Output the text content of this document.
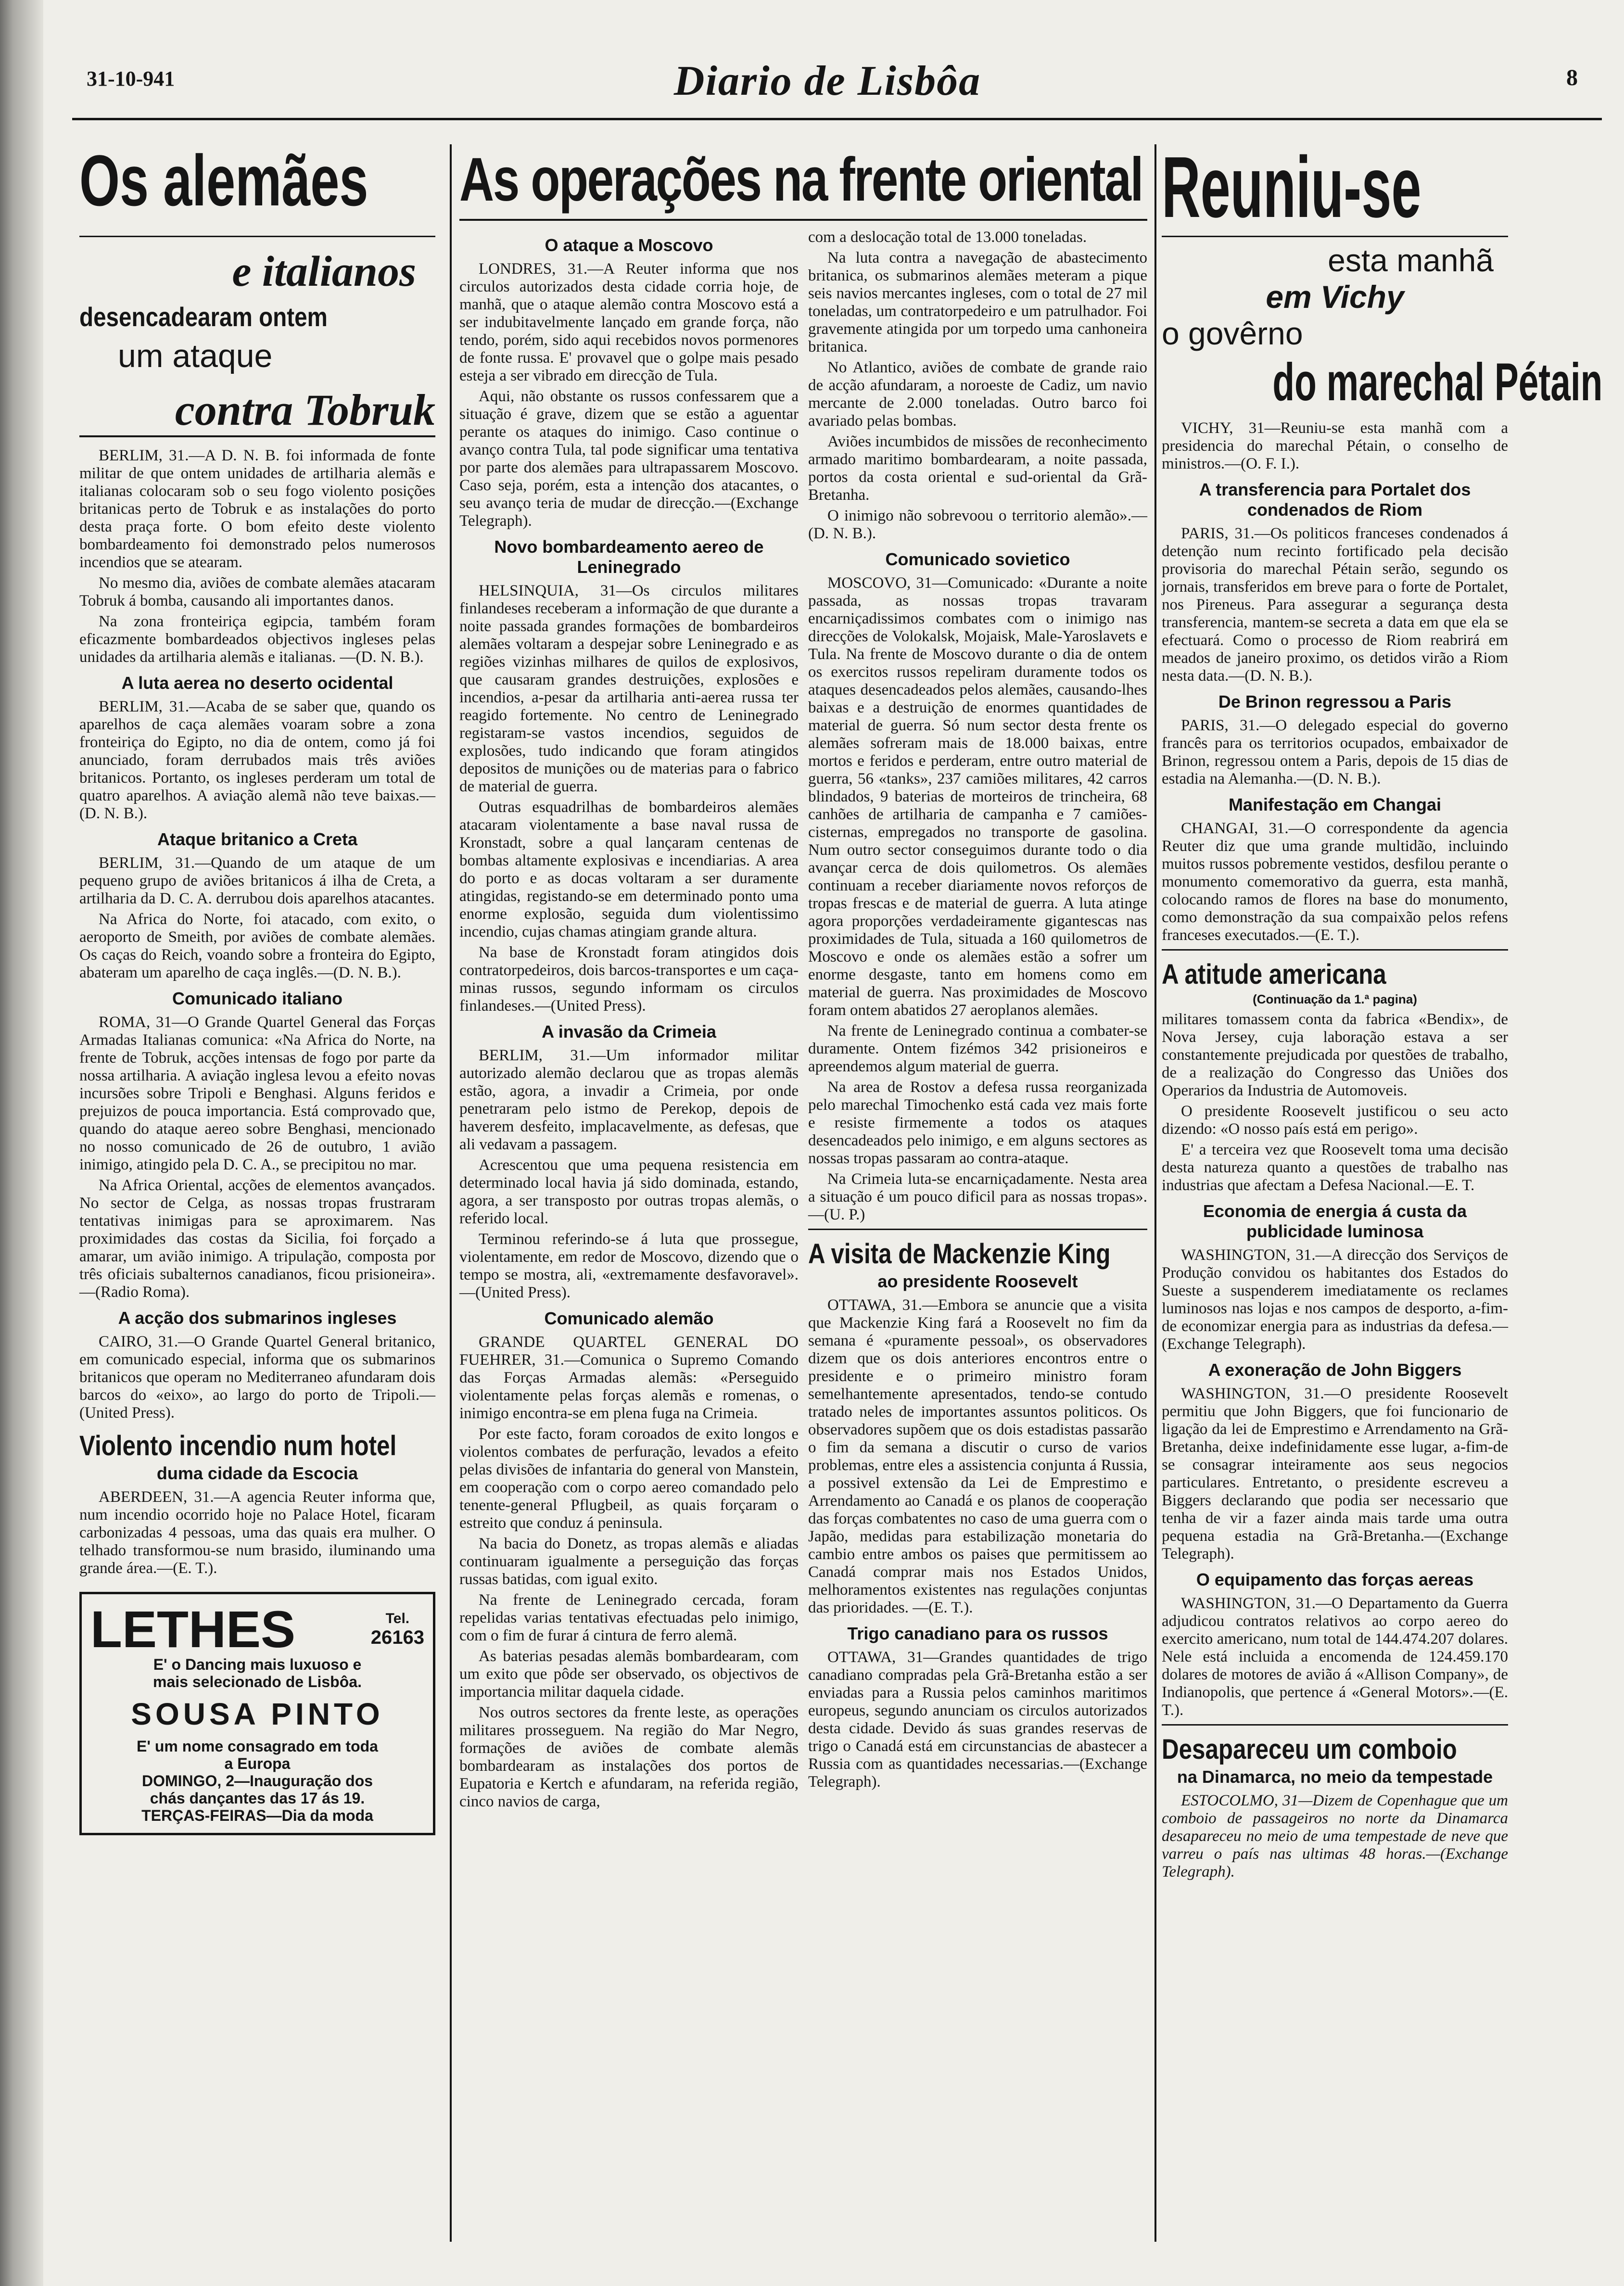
31-10-941	Diario de Lisbôa	8
As operações na frente oriental
Os alemães
e italianos
desencadearam ontem
um ataque
contra Tobruk

BERLIM, 31.—A D. N. B. foi informada de fonte militar de que ontem unidades de artilharia alemãs e italianas colocaram sob o seu fogo violento posições britanicas perto de Tobruk e as instalações do porto desta praça forte. O bom efeito deste violento bombardeamento foi demonstrado pelos numerosos incendios que se atearam.

No mesmo dia, aviões de combate alemães atacaram Tobruk á bomba, causando ali importantes danos.

Na zona fronteiriça egipcia, também foram eficazmente bombardeados objectivos ingleses pelas unidades da artilharia alemãs e italianas. —(D. N. B.).

A luta aerea no deserto ocidental

BERLIM, 31.—Acaba de se saber que, quando os aparelhos de caça alemães voaram sobre a zona fronteiriça do Egipto, no dia de ontem, como já foi anunciado, foram derrubados mais três aviões britanicos. Portanto, os ingleses perderam um total de quatro aparelhos. A aviação alemã não teve baixas.—(D. N. B.).

Ataque britanico a Creta

BERLIM, 31.—Quando de um ataque de um pequeno grupo de aviões britanicos á ilha de Creta, a artilharia da D. C. A. derrubou dois aparelhos atacantes.

Na Africa do Norte, foi atacado, com exito, o aeroporto de Smeith, por aviões de combate alemães. Os caças do Reich, voando sobre a fronteira do Egipto, abateram um aparelho de caça inglês.—(D. N. B.).

Comunicado italiano

ROMA, 31—O Grande Quartel General das Forças Armadas Italianas comunica: «Na Africa do Norte, na frente de Tobruk, acções intensas de fogo por parte da nossa artilharia. A aviação inglesa levou a efeito novas incursões sobre Tripoli e Benghasi. Alguns feridos e prejuizos de pouca importancia. Está comprovado que, quando do ataque aereo sobre Benghasi, mencionado no nosso comunicado de 26 de outubro, 1 avião inimigo, atingido pela D. C. A., se precipitou no mar.

Na Africa Oriental, acções de elementos avançados. No sector de Celga, as nossas tropas frustraram tentativas inimigas para se aproximarem. Nas proximidades das costas da Sicilia, foi forçado a amarar, um avião inimigo. A tripulação, composta por três oficiais subalternos canadianos, ficou prisioneira».—(Radio Roma).

A acção dos submarinos ingleses

CAIRO, 31.—O Grande Quartel General britanico, em comunicado especial, informa que os submarinos britanicos que operam no Mediterraneo afundaram dois barcos do «eixo», ao largo do porto de Tripoli.—(United Press).

Violento incendio num hotel
duma cidade da Escocia

ABERDEEN, 31.—A agencia Reuter informa que, num incendio ocorrido hoje no Palace Hotel, ficaram carbonizadas 4 pessoas, uma das quais era mulher. O telhado transformou-se num brasido, iluminando uma grande área.—(E. T.).

LETHES	Tel.
26163
E' o Dancing mais luxuoso e
mais selecionado de Lisbôa.
SOUSA PINTO
E' um nome consagrado em toda
a Europa
DOMINGO, 2—Inauguração dos
chás dançantes das 17 ás 19.
TERÇAS-FEIRAS—Dia da moda
O ataque a Moscovo

LONDRES, 31.—A Reuter informa que nos circulos autorizados desta cidade corria hoje, de manhã, que o ataque alemão contra Moscovo está a ser indubitavelmente lançado em grande força, não tendo, porém, sido aqui recebidos novos pormenores de fonte russa. E' provavel que o golpe mais pesado esteja a ser vibrado em direcção de Tula.

Aqui, não obstante os russos confessarem que a situação é grave, dizem que se estão a aguentar perante os ataques do inimigo. Caso continue o avanço contra Tula, tal pode significar uma tentativa por parte dos alemães para ultrapassarem Moscovo. Caso seja, porém, esta a intenção dos atacantes, o seu avanço teria de mudar de direcção.—(Exchange Telegraph).

Novo bombardeamento aereo de Leninegrado

HELSINQUIA, 31—Os circulos militares finlandeses receberam a informação de que durante a noite passada grandes formações de bombardeiros alemães voltaram a despejar sobre Leninegrado e as regiões vizinhas milhares de quilos de explosivos, que causaram grandes destruições, explosões e incendios, a-pesar da artilharia anti-aerea russa ter reagido fortemente. No centro de Leninegrado registaram-se vastos incendios, seguidos de explosões, tudo indicando que foram atingidos depositos de munições ou de materias para o fabrico de material de guerra.

Outras esquadrilhas de bombardeiros alemães atacaram violentamente a base naval russa de Kronstadt, sobre a qual lançaram centenas de bombas altamente explosivas e incendiarias. A area do porto e as docas voltaram a ser duramente atingidas, registando-se em determinado ponto uma enorme explosão, seguida dum violentissimo incendio, cujas chamas atingiam grande altura.

Na base de Kronstadt foram atingidos dois contratorpedeiros, dois barcos-transportes e um caça-minas russos, segundo informam os circulos finlandeses.—(United Press).

A invasão da Crimeia

BERLIM, 31.—Um informador militar autorizado alemão declarou que as tropas alemãs estão, agora, a invadir a Crimeia, por onde penetraram pelo istmo de Perekop, depois de haverem desfeito, implacavelmente, as defesas, que ali vedavam a passagem.

Acrescentou que uma pequena resistencia em determinado local havia já sido dominada, estando, agora, a ser transposto por outras tropas alemãs, o referido local.

Terminou referindo-se á luta que prossegue, violentamente, em redor de Moscovo, dizendo que o tempo se mostra, ali, «extremamente desfavoravel».—(United Press).

Comunicado alemão

GRANDE QUARTEL GENERAL DO FUEHRER, 31.—Comunica o Supremo Comando das Forças Armadas alemãs: «Perseguido violentamente pelas forças alemãs e romenas, o inimigo encontra-se em plena fuga na Crimeia.

Por este facto, foram coroados de exito longos e violentos combates de perfuração, levados a efeito pelas divisões de infantaria do general von Manstein, em cooperação com o corpo aereo comandado pelo tenente-general Pflugbeil, as quais forçaram o estreito que conduz á peninsula.

Na bacia do Donetz, as tropas alemãs e aliadas continuaram igualmente a perseguição das forças russas batidas, com igual exito.

Na frente de Leninegrado cercada, foram repelidas varias tentativas efectuadas pelo inimigo, com o fim de furar á cintura de ferro alemã.

As baterias pesadas alemãs bombardearam, com um exito que pôde ser observado, os objectivos de importancia militar daquela cidade.

Nos outros sectores da frente leste, as operações militares prosseguem. Na região do Mar Negro, formações de aviões de combate alemãs bombardearam as instalações dos portos de Eupatoria e Kertch e afundaram, na referida região, cinco navios de carga,

com a deslocação total de 13.000 toneladas.

Na luta contra a navegação de abastecimento britanica, os submarinos alemães meteram a pique seis navios mercantes ingleses, com o total de 27 mil toneladas, um contratorpedeiro e um patrulhador. Foi gravemente atingida por um torpedo uma canhoneira britanica.

No Atlantico, aviões de combate de grande raio de acção afundaram, a noroeste de Cadiz, um navio mercante de 2.000 toneladas. Outro barco foi avariado pelas bombas.

Aviões incumbidos de missões de reconhecimento armado maritimo bombardearam, a noite passada, portos da costa oriental e sud-oriental da Grã-Bretanha.

O inimigo não sobrevoou o territorio alemão».—(D. N. B.).

Comunicado sovietico

MOSCOVO, 31—Comunicado: «Durante a noite passada, as nossas tropas travaram encarniçadissimos combates com o inimigo nas direcções de Volokalsk, Mojaisk, Male-Yaroslavets e Tula. Na frente de Moscovo durante o dia de ontem os exercitos russos repeliram duramente todos os ataques desencadeados pelos alemães, causando-lhes baixas e a destruição de enormes quantidades de material de guerra. Só num sector desta frente os alemães sofreram mais de 18.000 baixas, entre mortos e feridos e perderam, entre outro material de guerra, 56 «tanks», 237 camiões militares, 42 carros blindados, 9 baterias de morteiros de trincheira, 68 canhões de artilharia de campanha e 7 camiões-cisternas, empregados no transporte de gasolina. Num outro sector conseguimos durante todo o dia avançar cerca de dois quilometros. Os alemães continuam a receber diariamente novos reforços de tropas frescas e de material de guerra. A luta atinge agora proporções verdadeiramente gigantescas nas proximidades de Tula, situada a 160 quilometros de Moscovo e onde os alemães estão a sofrer um enorme desgaste, tanto em homens como em material de guerra. Nas proximidades de Moscovo foram ontem abatidos 27 aeroplanos alemães.

Na frente de Leninegrado continua a combater-se duramente. Ontem fizémos 342 prisioneiros e apreendemos algum material de guerra.

Na area de Rostov a defesa russa reorganizada pelo marechal Timochenko está cada vez mais forte e resiste firmemente a todos os ataques desencadeados pelo inimigo, e em alguns sectores as nossas tropas passaram ao contra-ataque.

Na Crimeia luta-se encarniçadamente. Nesta area a situação é um pouco dificil para as nossas tropas».—(U. P.)

A visita de Mackenzie King
ao presidente Roosevelt

OTTAWA, 31.—Embora se anuncie que a visita que Mackenzie King fará a Roosevelt no fim da semana é «puramente pessoal», os observadores dizem que os dois anteriores encontros entre o presidente e o primeiro ministro foram semelhantemente apresentados, tendo-se contudo tratado neles de importantes assuntos politicos. Os observadores supõem que os dois estadistas passarão o fim da semana a discutir o curso de varios problemas, entre eles a assistencia conjunta á Russia, a possivel extensão da Lei de Emprestimo e Arrendamento ao Canadá e os planos de cooperação das forças combatentes no caso de uma guerra com o Japão, medidas para estabilização monetaria do cambio entre ambos os paises que permitissem ao Canadá comprar mais nos Estados Unidos, melhoramentos existentes nas regulações conjuntas das prioridades. —(E. T.).

Trigo canadiano para os russos

OTTAWA, 31—Grandes quantidades de trigo canadiano compradas pela Grã-Bretanha estão a ser enviadas para a Russia pelos caminhos maritimos europeus, segundo anunciam os circulos autorizados desta cidade. Devido ás suas grandes reservas de trigo o Canadá está em circunstancias de abastecer a Russia com as quantidades necessarias.—(Exchange Telegraph).

Reuniu-se
esta manhã
em Vichy
o govêrno
do marechal Pétain

VICHY, 31—Reuniu-se esta manhã com a presidencia do marechal Pétain, o conselho de ministros.—(O. F. I.).

A transferencia para Portalet dos condenados de Riom

PARIS, 31.—Os politicos franceses condenados á detenção num recinto fortificado pela decisão provisoria do marechal Pétain serão, segundo os jornais, transferidos em breve para o forte de Portalet, nos Pireneus. Para assegurar a segurança desta transferencia, mantem-se secreta a data em que ela se efectuará. Como o processo de Riom reabrirá em meados de janeiro proximo, os detidos virão a Riom nesta data.—(D. N. B.).

De Brinon regressou a Paris

PARIS, 31.—O delegado especial do governo francês para os territorios ocupados, embaixador de Brinon, regressou ontem a Paris, depois de 15 dias de estadia na Alemanha.—(D. N. B.).

Manifestação em Changai

CHANGAI, 31.—O correspondente da agencia Reuter diz que uma grande multidão, incluindo muitos russos pobremente vestidos, desfilou perante o monumento comemorativo da guerra, esta manhã, colocando ramos de flores na base do monumento, como demonstração da sua compaixão pelos refens franceses executados.—(E. T.).

A atitude americana
(Continuação da 1.ª pagina)

militares tomassem conta da fabrica «Bendix», de Nova Jersey, cuja laboração estava a ser constantemente prejudicada por questões de trabalho, de a realização do Congresso das Uniões dos Operarios da Industria de Automoveis.

O presidente Roosevelt justificou o seu acto dizendo: «O nosso país está em perigo».

E' a terceira vez que Roosevelt toma uma decisão desta natureza quanto a questões de trabalho nas industrias que afectam a Defesa Nacional.—E. T.

Economia de energia á custa da publicidade luminosa

WASHINGTON, 31.—A direcção dos Serviços de Produção convidou os habitantes dos Estados do Sueste a suspenderem imediatamente os reclames luminosos nas lojas e nos campos de desporto, a-fim-de economizar energia para as industrias da defesa.—(Exchange Telegraph).

A exoneração de John Biggers

WASHINGTON, 31.—O presidente Roosevelt permitiu que John Biggers, que foi funcionario de ligação da lei de Emprestimo e Arrendamento na Grã-Bretanha, deixe indefinidamente esse lugar, a-fim-de se consagrar inteiramente aos seus negocios particulares. Entretanto, o presidente escreveu a Biggers declarando que podia ser necessario que tenha de vir a fazer ainda mais tarde uma outra pequena estadia na Grã-Bretanha.—(Exchange Telegraph).

O equipamento das forças aereas

WASHINGTON, 31.—O Departamento da Guerra adjudicou contratos relativos ao corpo aereo do exercito americano, num total de 144.474.207 dolares. Nele está incluida a encomenda de 124.459.170 dolares de motores de avião á «Allison Company», de Indianopolis, que pertence á «General Motors».—(E. T.).

Desapareceu um comboio
na Dinamarca, no meio da tempestade

ESTOCOLMO, 31—Dizem de Copenhague que um comboio de passageiros no norte da Dinamarca desapareceu no meio de uma tempestade de neve que varreu o país nas ultimas 48 horas.—(Exchange Telegraph).
